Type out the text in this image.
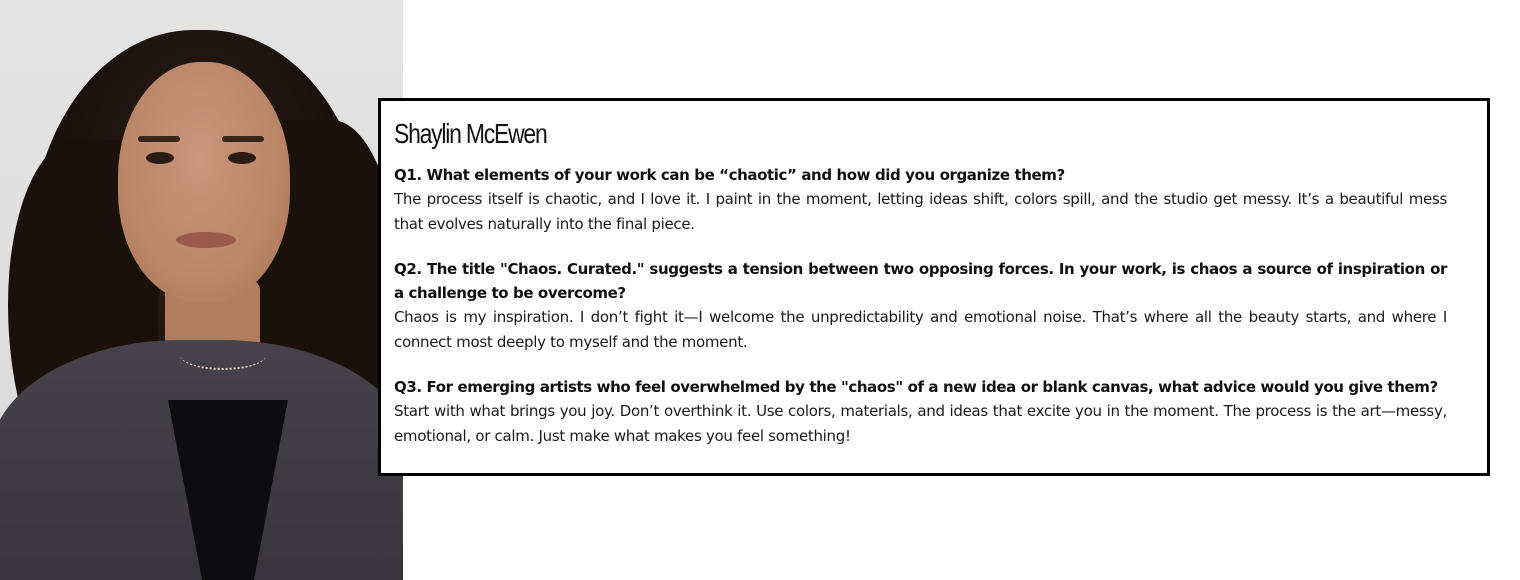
Shaylin McEwen

Q1. What elements of your work can be “chaotic” and how did you organize them?

The process itself is chaotic, and I love it. I paint in the moment, letting ideas shift, colors spill, and the studio get messy. It’s a beautiful mess that evolves naturally into the final piece.

Q2. The title "Chaos. Curated." suggests a tension between two opposing forces. In your work, is chaos a source of inspiration or a challenge to be overcome?

Chaos is my inspiration. I don’t fight it—I welcome the unpredictability and emotional noise. That’s where all the beauty starts, and where I connect most deeply to myself and the moment.

Q3. For emerging artists who feel overwhelmed by the "chaos" of a new idea or blank canvas, what advice would you give them?

Start with what brings you joy. Don’t overthink it. Use colors, materials, and ideas that excite you in the moment. The process is the art—messy, emotional, or calm. Just make what makes you feel something!
